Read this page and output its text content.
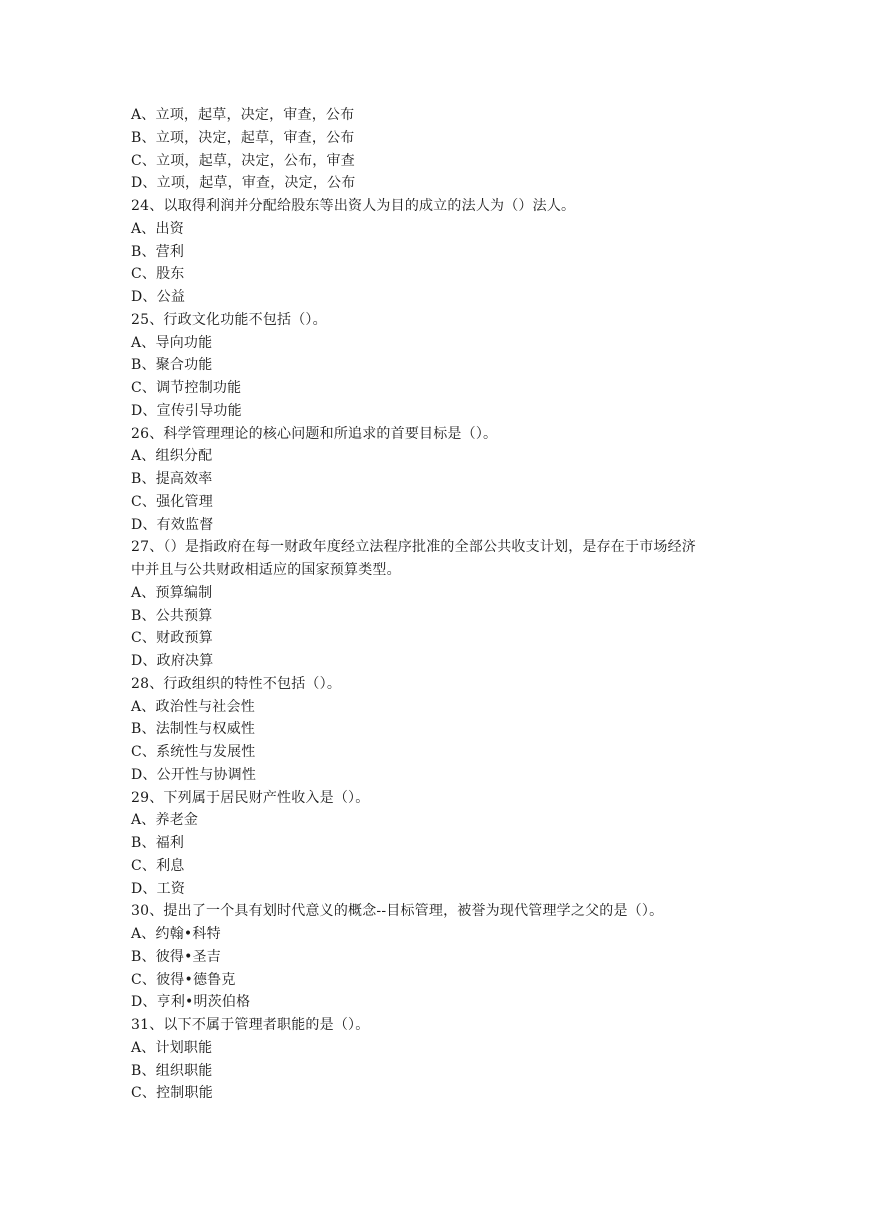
A、立项，起草，决定，审查，公布
B、立项，决定，起草，审查，公布
C、立项，起草，决定，公布，审查
D、立项，起草，审查，决定，公布
24、以取得利润并分配给股东等出资人为目的成立的法人为（）法人。
A、出资
B、营利
C、股东
D、公益
25、行政文化功能不包括（）。
A、导向功能
B、聚合功能
C、调节控制功能
D、宣传引导功能
26、科学管理理论的核心问题和所追求的首要目标是（）。
A、组织分配
B、提高效率
C、强化管理
D、有效监督
27、（）是指政府在每一财政年度经立法程序批准的全部公共收支计划，是存在于市场经济
中并且与公共财政相适应的国家预算类型。
A、预算编制
B、公共预算
C、财政预算
D、政府决算
28、行政组织的特性不包括（）。
A、政治性与社会性
B、法制性与权威性
C、系统性与发展性
D、公开性与协调性
29、下列属于居民财产性收入是（）。
A、养老金
B、福利
C、利息
D、工资
30、提出了一个具有划时代意义的概念--目标管理，被誉为现代管理学之父的是（）。
A、约翰•科特
B、彼得•圣吉
C、彼得•德鲁克
D、亨利•明茨伯格
31、以下不属于管理者职能的是（）。
A、计划职能
B、组织职能
C、控制职能
